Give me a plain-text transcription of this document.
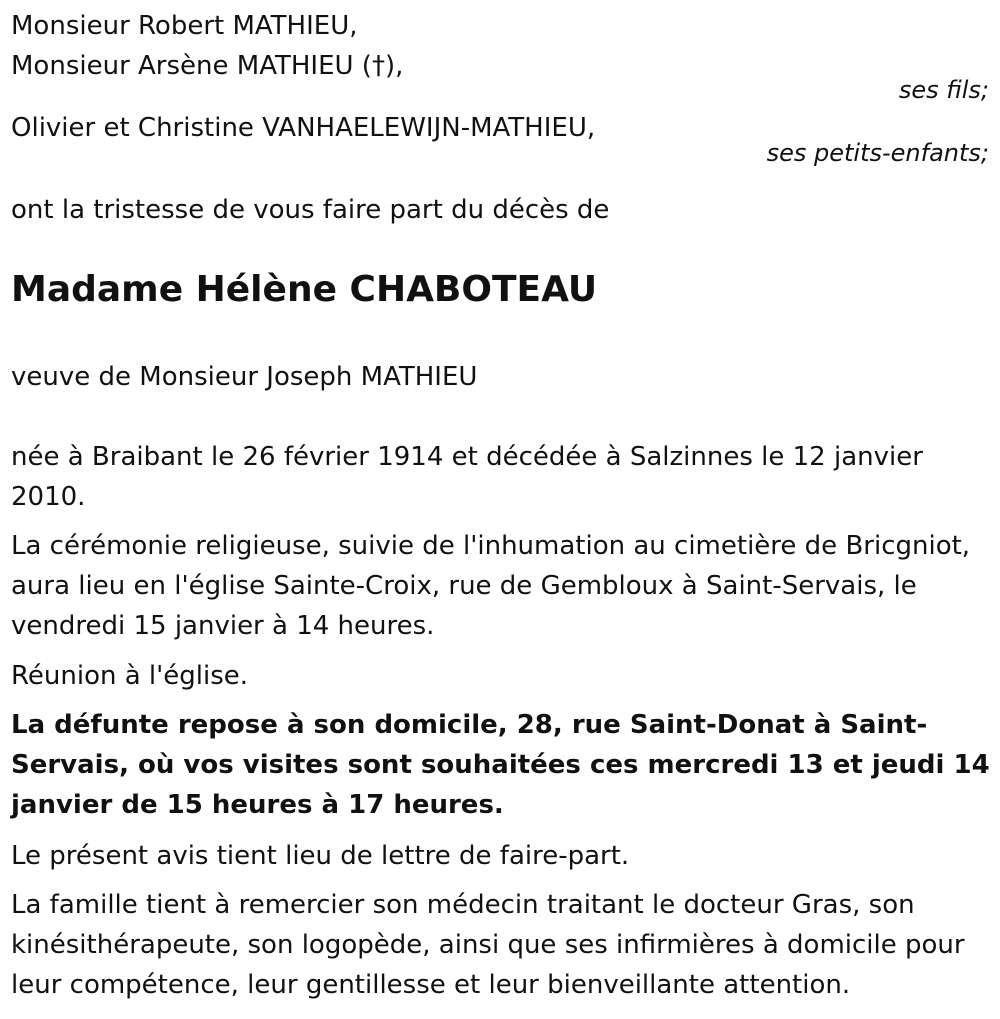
Monsieur Robert MATHIEU,
Monsieur Arsène MATHIEU (†),
ses fils;
Olivier et Christine VANHAELEWIJN-MATHIEU,
ses petits-enfants;
ont la tristesse de vous faire part du décès de
Madame Hélène CHABOTEAU
veuve de Monsieur Joseph MATHIEU
née à Braibant le 26 février 1914 et décédée à Salzinnes le 12 janvier 2010.
La cérémonie religieuse, suivie de l'inhumation au cimetière de Bricgniot, aura lieu en l'église Sainte-Croix, rue de Gembloux à Saint-Servais, le vendredi 15 janvier à 14 heures.
Réunion à l'église.
La défunte repose à son domicile, 28, rue Saint-Donat à Saint-Servais, où vos visites sont souhaitées ces mercredi 13 et jeudi 14 janvier de 15 heures à 17 heures.
Le présent avis tient lieu de lettre de faire-part.
La famille tient à remercier son médecin traitant le docteur Gras, son kinésithérapeute, son logopède, ainsi que ses infirmières à domicile pour leur compétence, leur gentillesse et leur bienveillante attention.
